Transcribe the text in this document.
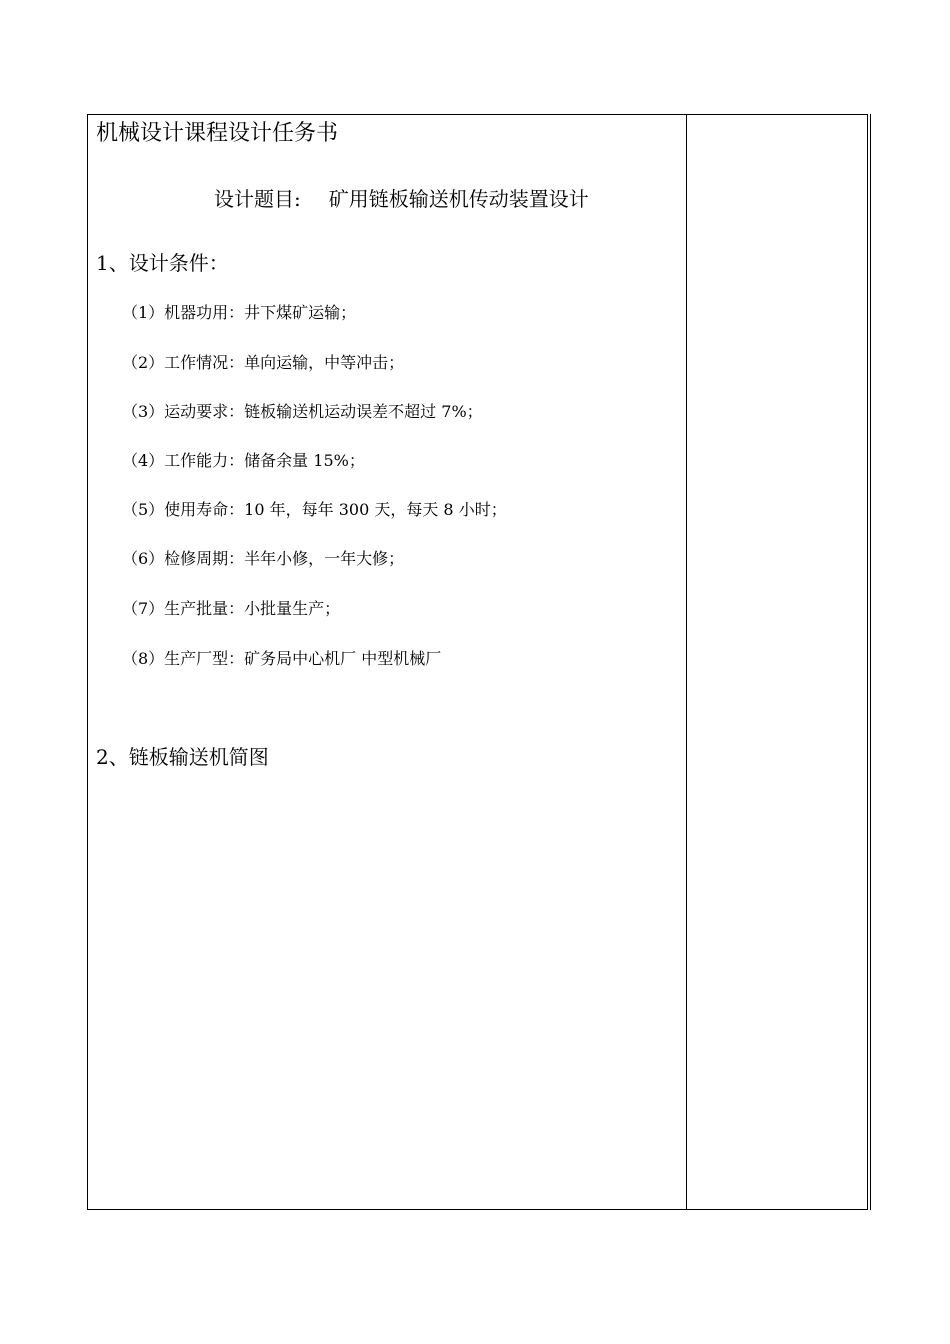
机械设计课程设计任务书
设计题目: 矿用链板输送机传动装置设计
1、设计条件：
（1）机器功用：井下煤矿运输；
（2）工作情况：单向运输，中等冲击；
（3）运动要求：链板输送机运动误差不超过 7%；
（4）工作能力：储备余量 15%；
（5）使用寿命：10 年，每年 300 天，每天 8 小时；
（6）检修周期：半年小修，一年大修；
（7）生产批量：小批量生产；
（8）生产厂型：矿务局中心机厂 中型机械厂
2、链板输送机简图
